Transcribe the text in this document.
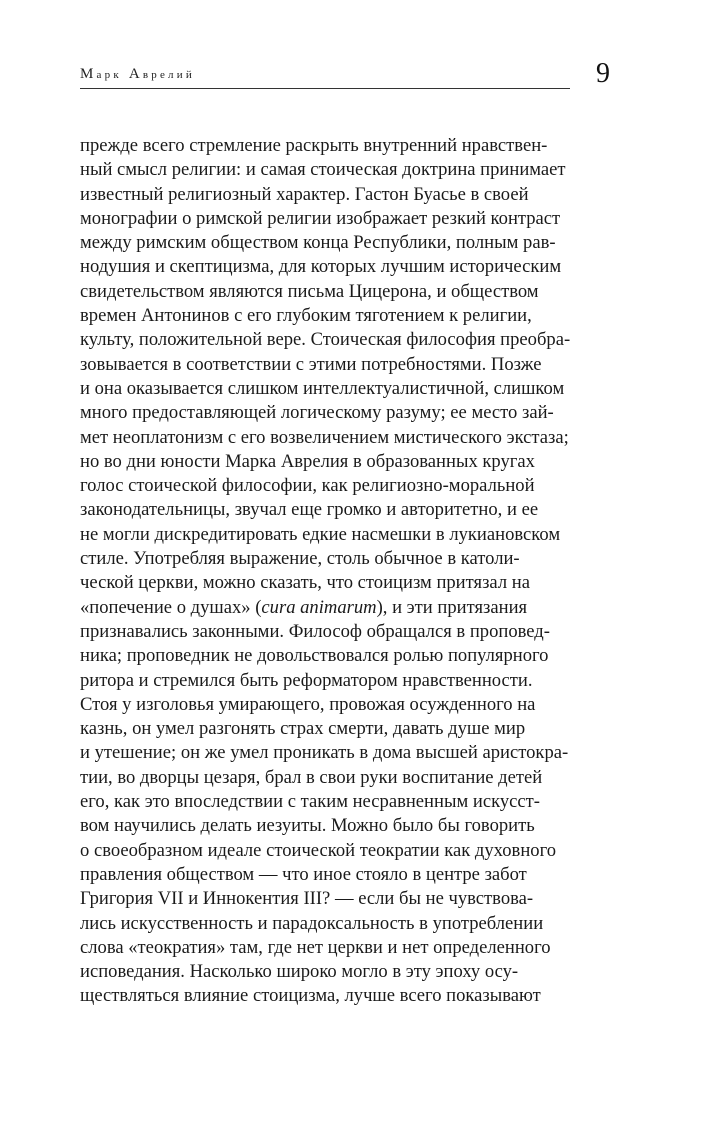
Марк Аврелий	9
прежде всего стремление раскрыть внутренний нравствен-
ный смысл религии: и самая стоическая доктрина принимает
известный религиозный характер. Гастон Буасье в своей
монографии о римской религии изображает резкий контраст
между римским обществом конца Республики, полным рав-
нодушия и скептицизма, для которых лучшим историческим
свидетельством являются письма Цицерона, и обществом
времен Антонинов с его глубоким тяготением к религии,
культу, положительной вере. Стоическая философия преобра-
зовывается в соответствии с этими потребностями. Позже
и она оказывается слишком интеллектуалистичной, слишком
много предоставляющей логическому разуму; ее место зай-
мет неоплатонизм с его возвеличением мистического экстаза;
но во дни юности Марка Аврелия в образованных кругах
голос стоической философии, как религиозно-моральной
законодательницы, звучал еще громко и авторитетно, и ее
не могли дискредитировать едкие насмешки в лукиановском
стиле. Употребляя выражение, столь обычное в католи-
ческой церкви, можно сказать, что стоицизм притязал на
«попечение о душах» (cura animarum), и эти притязания
признавались законными. Философ обращался в проповед-
ника; проповедник не довольствовался ролью популярного
ритора и стремился быть реформатором нравственности.
Стоя у изголовья умирающего, провожая осужденного на
казнь, он умел разгонять страх смерти, давать душе мир
и утешение; он же умел проникать в дома высшей аристокра-
тии, во дворцы цезаря, брал в свои руки воспитание детей
его, как это впоследствии с таким несравненным искусст-
вом научились делать иезуиты. Можно было бы говорить
о своеобразном идеале стоической теократии как духовного
правления обществом — что иное стояло в центре забот
Григория VII и Иннокентия III? — если бы не чувствова-
лись искусственность и парадоксальность в употреблении
слова «теократия» там, где нет церкви и нет определенного
исповедания. Насколько широко могло в эту эпоху осу-
ществляться влияние стоицизма, лучше всего показывают
